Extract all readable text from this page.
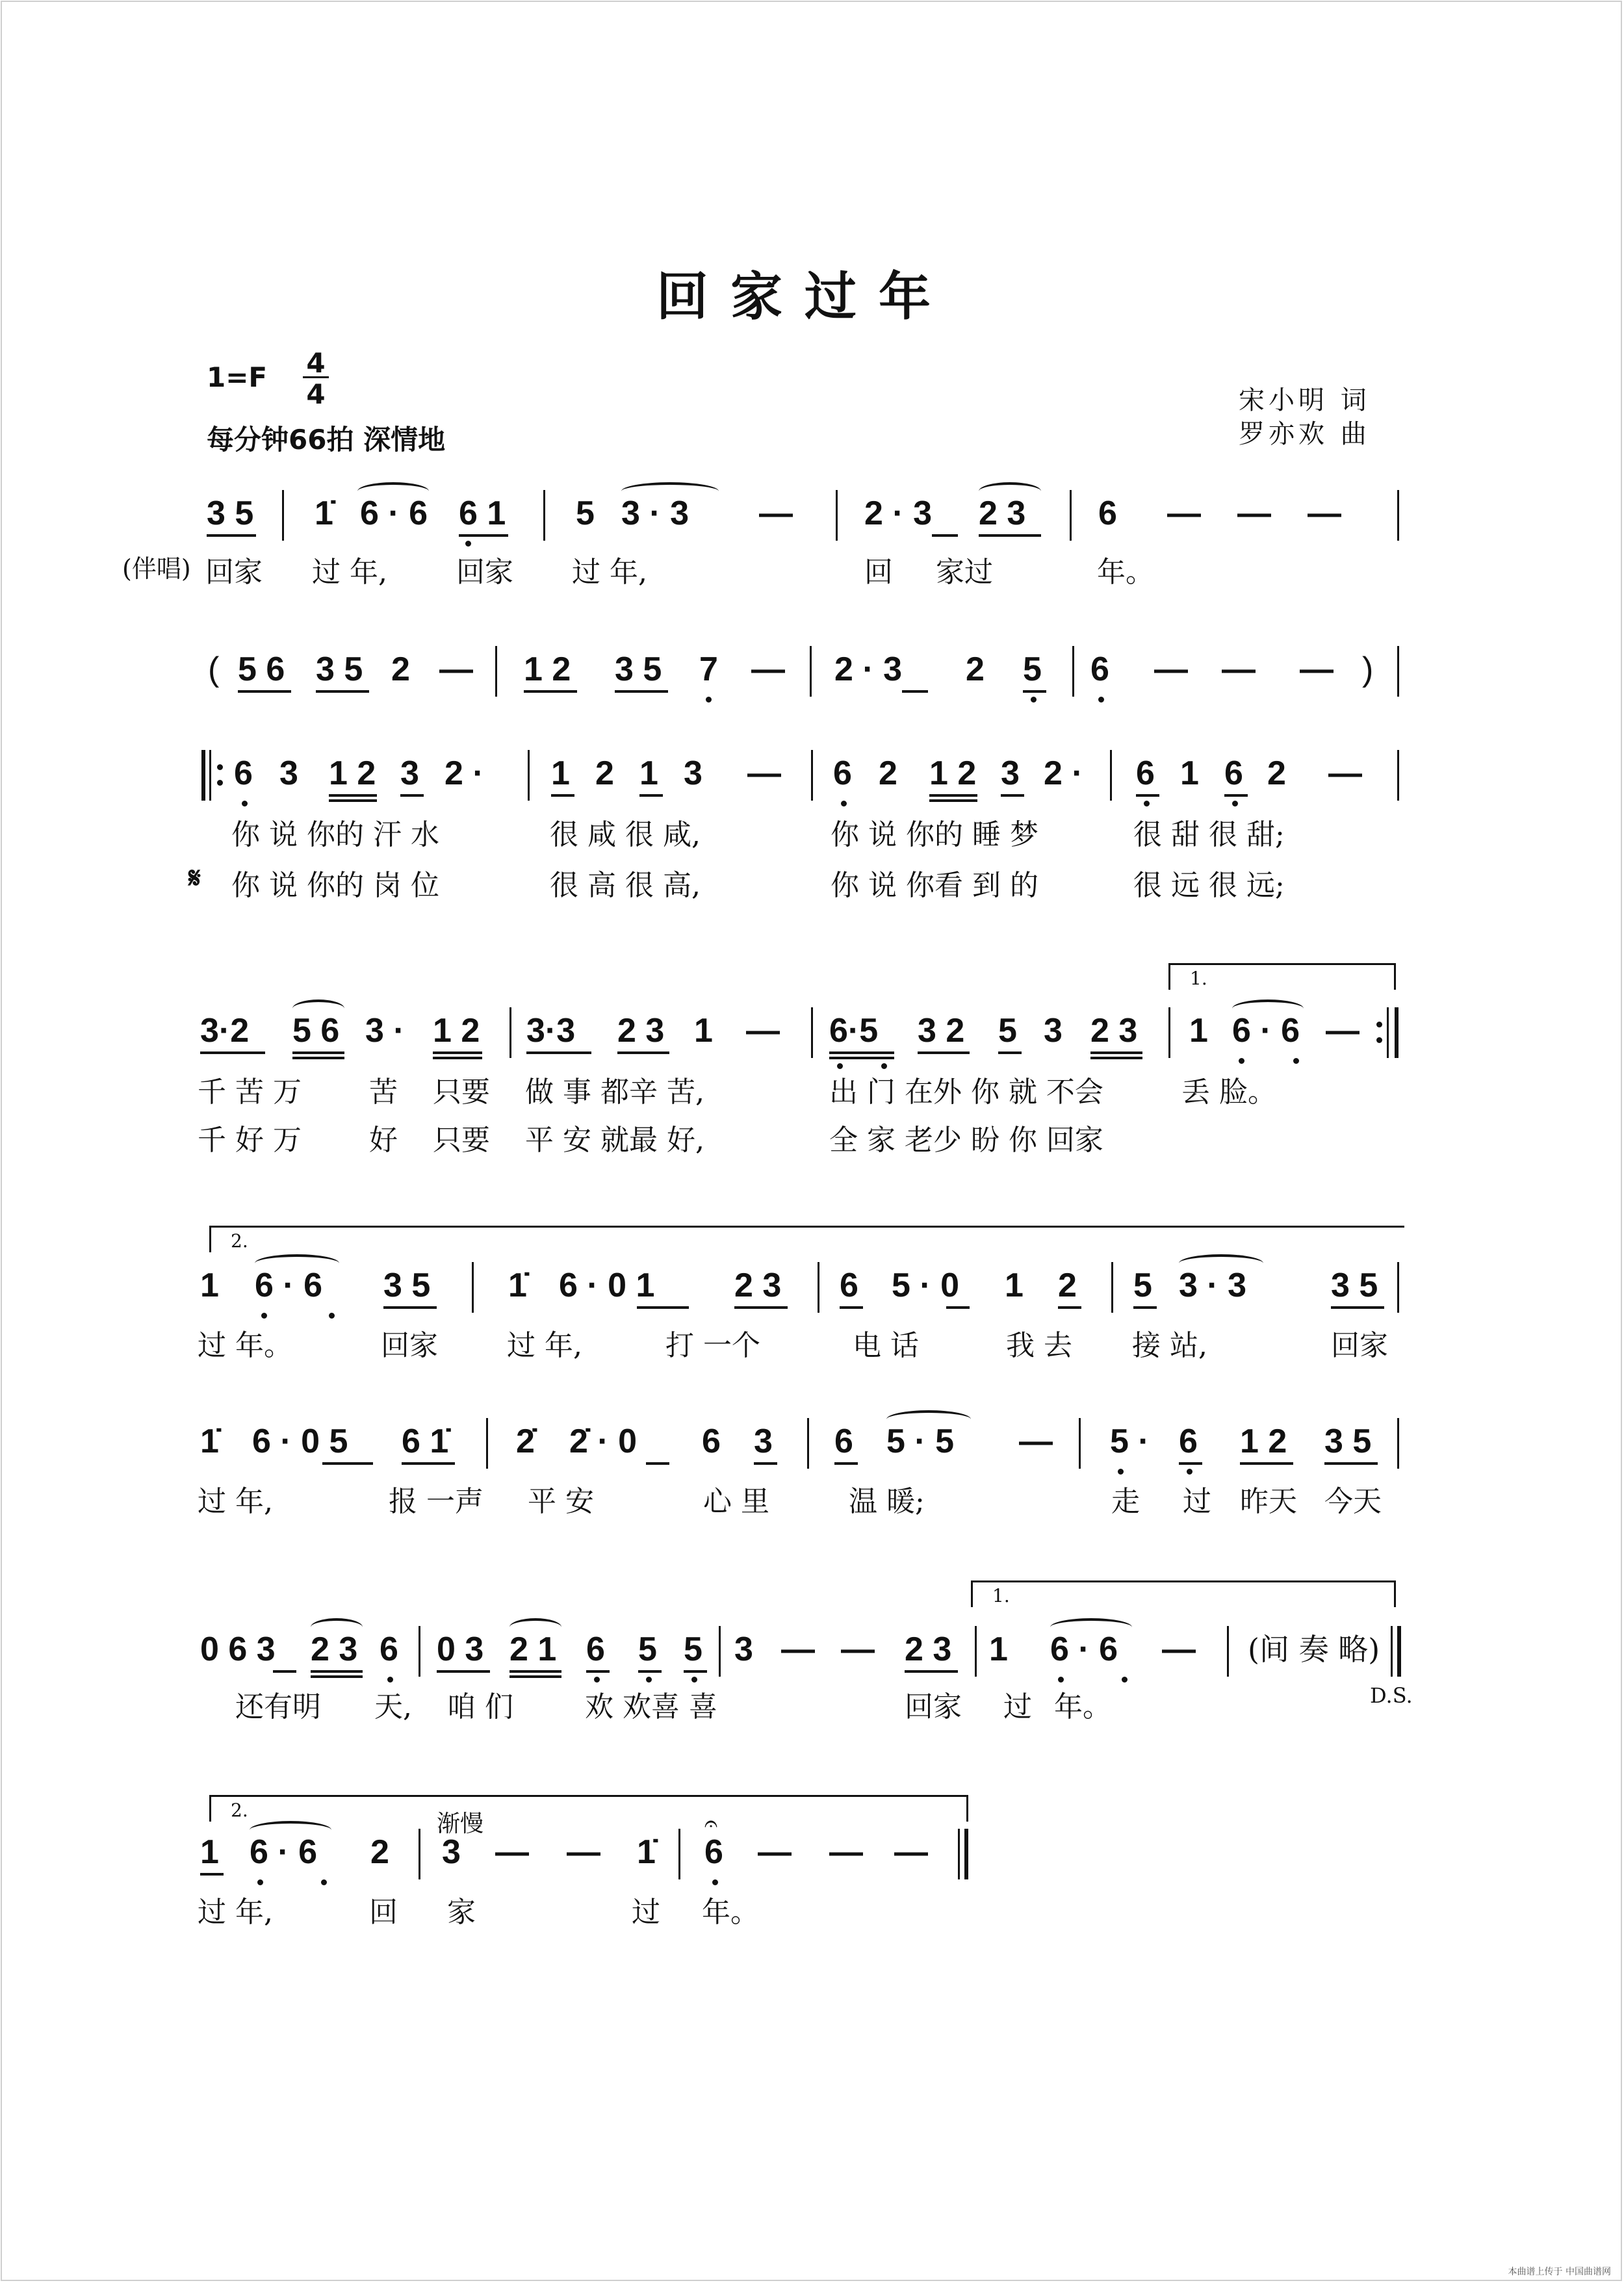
回家过年
1=F 4
4
每分钟66拍 深情地
宋小明 词
罗亦欢 曲
3 5 1̇ 6 · 6 6 1 5 3 · 3 — 2 · 3 2 3 6 — — —
(伴唱) 回家 过 年, 回家 过 年,	回 家过	年。
( 5 6 3 5 2 — 1 2 3 5 7 — 2 · 3 2 5 6 — — — )
6 3 1 2 3 2 · 1 2 1 3 — 6 2 1 2 3 2 · 6 1 6 2 —
你 说 你的 汗 水	很 咸 很 咸,	你 说 你的 睡 梦	很 甜 很 甜;
𝄋 你 说 你的 岗 位	很 高 很 高,	你 说 你看 到 的	很 远 很 远;
1.
3·2 5 6 3 · 1 2 3·3 2 3 1 — 6·5 3 2 5 3 2 3 1 6 · 6 —
千 苦 万 苦 只要 做 事 都辛 苦,	出 门 在外 你 就 不会	丢 脸。
千 好 万 好 只要 平 安 就最 好,	全 家 老少 盼 你 回家
2.
1 6 · 6 3 5 1̇ 6 · 0 1 2 3 6 5 · 0 1 2 5 3 · 3 3 5
过 年。	回家 过 年,	打 一个	电 话	我 去 接 站,	回家
1̇ 6 · 0 5 6 1̇ 2̇ 2̇ · 0 6 3 6 5 · 5 — 5 · 6 1 2 3 5
过 年,	报 一声 平 安	心 里	温 暖;	走 过 昨天 今天
1.
0 6 3 2 3 6 0 3 2 1 6 5 5 3 — — 2 3 1 6 · 6 — (间 奏 略)
D.S.
还有明 天, 咱 们	欢 欢喜 喜	回家 过 年。
2.
渐慢
1 6 · 6 2 3 — — 1̇
𝄐
6 — — —
过 年,	回 家	过 年。
本曲谱上传于 中国曲谱网
